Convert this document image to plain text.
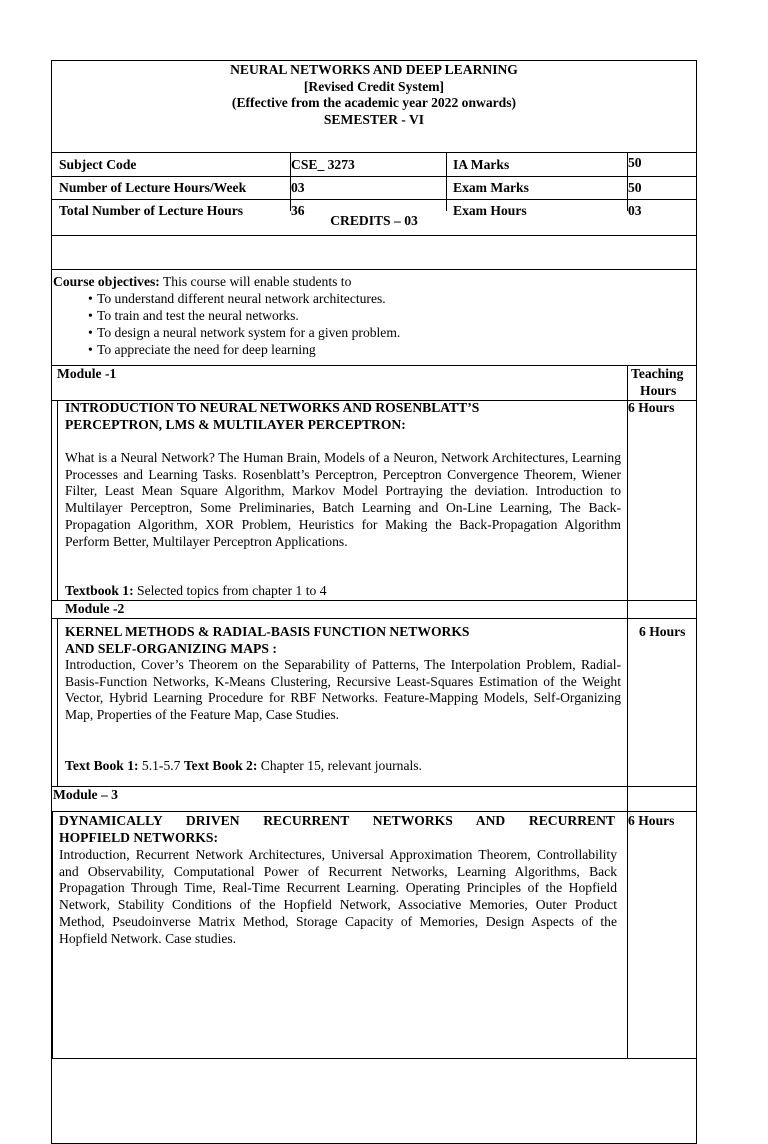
NEURAL NETWORKS AND DEEP LEARNING
[Revised Credit System]
(Effective from the academic year 2022 onwards)
SEMESTER - VI
Subject Code	CSE_ 3273	IA Marks	50
Number of Lecture Hours/Week	03	Exam Marks	50
Total Number of Lecture Hours	36	Exam Hours	03
CREDITS – 03
Course objectives: This course will enable students to
• To understand different neural network architectures.
• To train and test the neural networks.
• To design a neural network system for a given problem.
• To appreciate the need for deep learning
Module -1	Teaching
Hours
INTRODUCTION TO NEURAL NETWORKS AND ROSENBLATT’S
PERCEPTRON, LMS & MULTILAYER PERCEPTRON:
6 Hours
What is a Neural Network? The Human Brain, Models of a Neuron, Network Architectures, Learning Processes and Learning Tasks. Rosenblatt’s Perceptron, Perceptron Convergence Theorem, Wiener Filter, Least Mean Square Algorithm, Markov Model Portraying the deviation. Introduction to Multilayer Perceptron, Some Preliminaries, Batch Learning and On-Line Learning, The Back-Propagation Algorithm, XOR Problem, Heuristics for Making the Back-Propagation Algorithm Perform Better, Multilayer Perceptron Applications.
Textbook 1: Selected topics from chapter 1 to 4
Module -2
KERNEL METHODS & RADIAL-BASIS FUNCTION NETWORKS
AND SELF-ORGANIZING MAPS :
6 Hours
Introduction, Cover’s Theorem on the Separability of Patterns, The Interpolation Problem, Radial-Basis-Function Networks, K-Means Clustering, Recursive Least-Squares Estimation of the Weight Vector, Hybrid Learning Procedure for RBF Networks. Feature-Mapping Models, Self-Organizing Map, Properties of the Feature Map, Case Studies.
Text Book 1: 5.1-5.7 Text Book 2: Chapter 15, relevant journals.
Module – 3
DYNAMICALLY DRIVEN RECURRENT NETWORKS AND RECURRENT
HOPFIELD NETWORKS:
6 Hours
Introduction, Recurrent Network Architectures, Universal Approximation Theorem, Controllability and Observability, Computational Power of Recurrent Networks, Learning Algorithms, Back Propagation Through Time, Real-Time Recurrent Learning. Operating Principles of the Hopfield Network, Stability Conditions of the Hopfield Network, Associative Memories, Outer Product Method, Pseudoinverse Matrix Method, Storage Capacity of Memories, Design Aspects of the Hopfield Network. Case studies.
